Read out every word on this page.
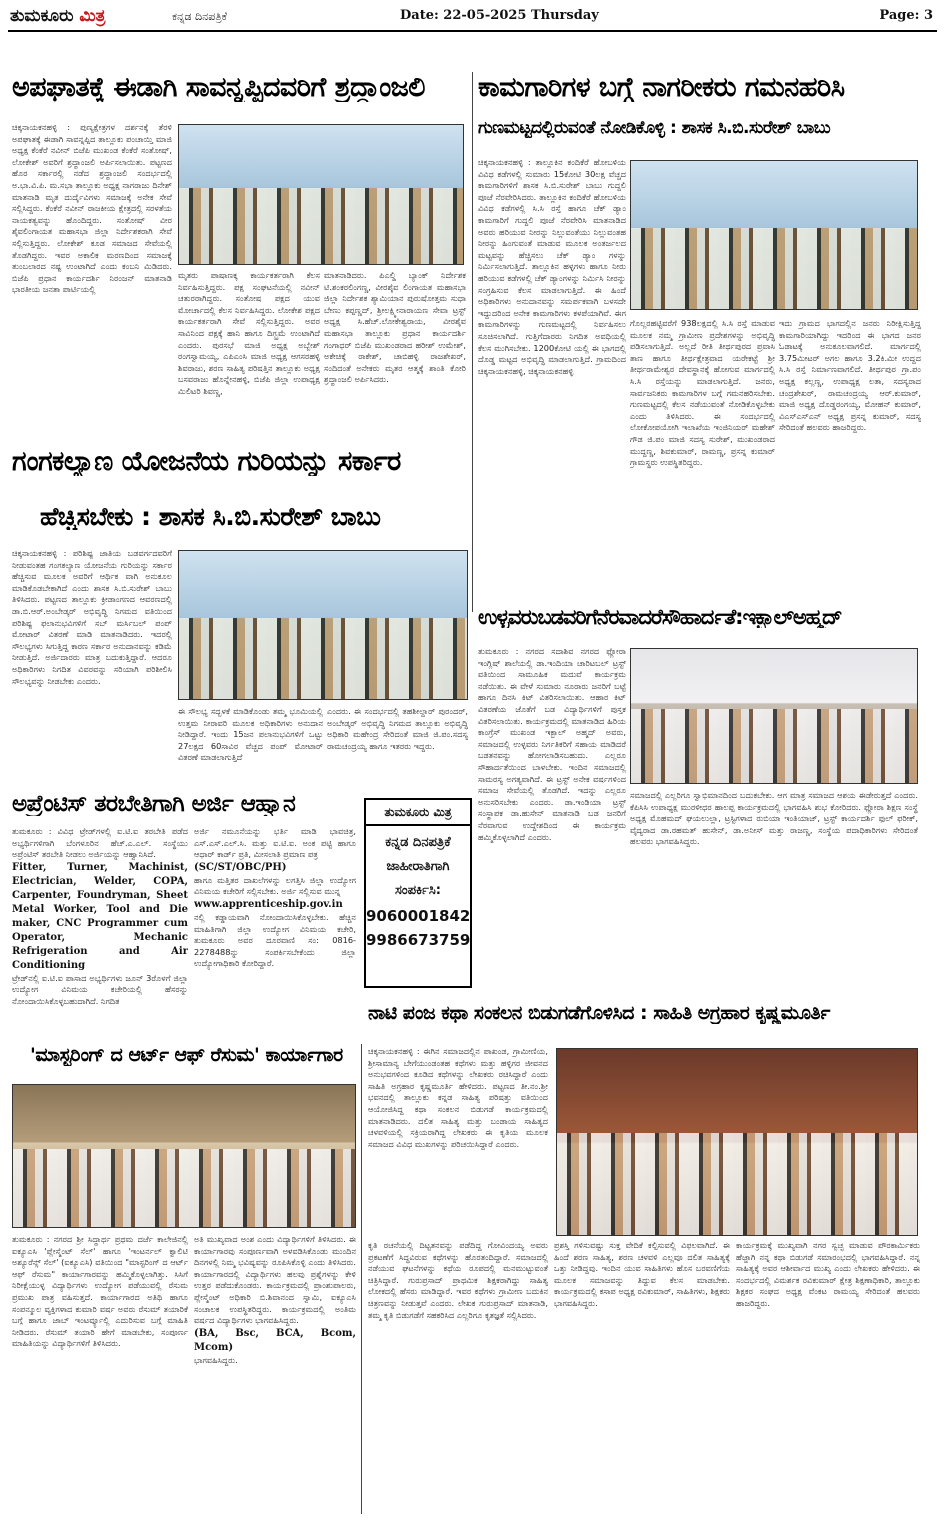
ತುಮಕೂರು ಮಿತ್ರ	ಕನ್ನಡ ದಿನಪತ್ರಿಕೆ	Date: 22-05-2025 Thursday	Page: 3
ಅಪಘಾತಕ್ಕೆ ಈಡಾಗಿ ಸಾವನ್ನಪ್ಪಿದವರಿಗೆ ಶ್ರದ್ಧಾಂಜಲಿ
ಚಿಕ್ಕನಾಯಕನಹಳ್ಳಿ : ಪುಣ್ಯಕ್ಷೇತ್ರಗಳ ದರ್ಶನಕ್ಕೆ ತೆರಳಿ ಅಪಘಾತಕ್ಕೆ ಈಡಾಗಿ ಸಾವನ್ನಪ್ಪಿದ ತಾಲ್ಲೂಕು ಪಂಚಾಯ್ತಿ ಮಾಜಿ ಅಧ್ಯಕ್ಷ ಕೆಂಕೆರೆ ನವೀನ್ ಬಿಜೆಪಿ ಮುಖಂಡ ಕೆಂಕೆರೆ ಸಂತೋಷ್, ಲೋಕೇಶ್ ಅವರಿಗೆ ಶ್ರದ್ಧಾಂಜಲಿ ಅರ್ಪಿಸಲಾಯಿತು. ಪಟ್ಟಣದ ಹೊರ ಸರ್ಕಾರಲ್ಲಿ ನಡೆದ ಶ್ರದ್ಧಾಂಜಲಿ ಸಂದರ್ಭದಲ್ಲಿ ಅ.ಭಾ.ವಿ.ಪಿ. ಮ.ಸಭಾ ತಾಲ್ಲೂಕು ಅಧ್ಯಕ್ಷ ನಾಗರಾಜು ದಿನೇಶ್ ಮಾತನಾಡಿ ಮೃತ ದುರ್ದೈವಿಗಳು ಸಮಾಜಕ್ಕೆ ಅನೇಕ ಸೇವೆ ಸಲ್ಲಿಸಿದ್ದರು. ಕೆಂಕೆರೆ ನವೀನ್ ರಾಜಕೀಯ ಕ್ಷೇತ್ರದಲ್ಲಿ ಸರಳತೆಯ ನಾಯಕತ್ವವನ್ನು ಹೊಂದಿದ್ದರು. ಸಂತೋಷ್ ವೀರ ಶೈವಲಿಂಗಾಯತ ಮಹಾಸಭಾ ಜಿಲ್ಲಾ ನಿರ್ದೇಶಕರಾಗಿ ಸೇವೆ ಸಲ್ಲಿಸುತ್ತಿದ್ದರು. ಲೋಕೇಶ್ ಕೂಡ ಸಮಾಜದ ಸೇವೆಯಲ್ಲಿ ತೊಡಗಿದ್ದರು. ಇವರ ಅಕಾಲಿಕ ಮರಣದಿಂದ ಸಮಾಜಕ್ಕೆ ತುಂಬಲಾರದ ನಷ್ಟ ಉಂಟಾಗಿದೆ ಎಂದು ಕಂಬನಿ ಮಿಡಿದರು. ಬಿಜೆಪಿ ಪ್ರಧಾನ ಕಾರ್ಯದರ್ಶಿ ನಿರಂಜನ್ ಮಾತನಾಡಿ ಭಾರತೀಯ ಜನತಾ ಪಾರ್ಟಿಯಲ್ಲಿ
ಮೃತರು ಪಾಷಾಣಕ್ಕ ಕಾರ್ಯಕರ್ತರಾಗಿ ಕೆಲಸ ನಿರ್ವಹಿಸುತ್ತಿದ್ದರು. ಪಕ್ಷ ಸಂಘಟನೆಯಲ್ಲಿ ನವೀನ್ ಚತುರರಾಗಿದ್ದರು. ಸಂತೋಷ ಪಕ್ಷದ ಯುವ ಮೋರ್ಚಾದಲ್ಲಿ ಕೆಲಸ ನಿರ್ವಹಿಸಿದ್ದರು. ಲೋಕೇಶ ಪಕ್ಷದ ಕಾರ್ಯಕರ್ತರಾಗಿ ಸೇವೆ ಸಲ್ಲಿಸುತ್ತಿದ್ದರು. ಅವರ ಸಾವಿನಿಂದ ಪಕ್ಷಕ್ಕೆ ಹಾನಿ ಹಾಗೂ ದಿಗ್ಭ್ರಮೆ ಉಂಟಾಗಿದೆ ಎಂದರು. ಪುರಸಭೆ ಮಾಜಿ ಅಧ್ಯಕ್ಷ ಅಬ್ಬೇಶ್ ರಂಗಸ್ವಾಮಯ್ಯ, ಎಪಿಎಂಸಿ ಮಾಜಿ ಅಧ್ಯಕ್ಷ ಆಗಸರಹಳ್ಳಿ ಶಿವರಾಜು, ಶರಣ ಸಾಹಿತ್ಯ ಪರಿಷತ್ತಿನ ತಾಲ್ಲೂಕು ಅಧ್ಯಕ್ಷ ಬಸವರಾಜು ಹೊನ್ನೇನಹಳ್ಳಿ, ಬಿಜೆಪಿ ಜಿಲ್ಲಾ ಉಪಾಧ್ಯಕ್ಷ ಮಿಲಿಟರಿ ಶಿವಣ್ಣ,
ಮಾತನಾಡಿದರು. ಪಿಎಲ್ಡಿ ಬ್ಯಾಂಕ್ ನಿರ್ದೇಶಕ ಟಿ.ಶಂಕರಲಿಂಗಣ್ಣ, ವೀರಶೈವ ಲಿಂಗಾಯತ ಮಹಾಸಭಾ ಜಿಲ್ಲಾ ನಿರ್ದೇಶಕ ಶ್ಯಾಮಿಯಾನ ಪುರುಷೋತ್ತಮ ಸುಧಾ ಬೇಣು ಕಪ್ಪಣ್ಣದ್, ಶ್ರೀಲಕ್ಷ್ಮೀನಾರಾಯಣ ಸೇವಾ ಟ್ರಸ್ಟ್ ಅಧ್ಯಕ್ಷ ಸಿ.ಹೆಚ್.ಲೋಕೇಶ್ವರಾಯ, ವೀರಶೈವ ಮಹಾಸಭಾ ತಾಲ್ಲೂಕು ಪ್ರಧಾನ ಕಾರ್ಯದರ್ಶಿ ಗಂಗಾಧರ್ ಬಿಜೆಪಿ ಮುಖಂಡರಾದ ಹರೀಶ್ ಉಮೇಶ್, ಅಕೇಚಿಕ್ಕೆ ರಾಕೇಶ್, ಚಾಬಿಹಳ್ಳಿ ರಾಜಶೇಖರ್, ಸಂದಿದಂತೆ ಅನೇಕರು ಮೃತರ ಆತ್ಮಕ್ಕೆ ಶಾಂತಿ ಕೋರಿ ಶ್ರದ್ಧಾಂಜಲಿ ಅರ್ಪಿಸಿದರು.
ಕಾಮಗಾರಿಗಳ ಬಗ್ಗೆ ನಾಗರೀಕರು ಗಮನಹರಿಸಿ
ಗುಣಮಟ್ಟದಲ್ಲಿರುವಂತೆ ನೋಡಿಕೊಳ್ಳಿ : ಶಾಸಕ ಸಿ.ಬಿ.ಸುರೇಶ್ ಬಾಬು
ಚಿಕ್ಕನಾಯಕನಹಳ್ಳಿ : ತಾಲ್ಲೂಕಿನ ಕಂದಿಕೆರೆ ಹೋಬಳಿಯ ವಿವಿಧ ಕಡೆಗಳಲ್ಲಿ ಸುಮಾರು 15ಕೋಟಿ 30ಲಕ್ಷ ವೆಚ್ಚದ ಕಾಮಗಾರಿಗಳಿಗೆ ಶಾಸಕ ಸಿ.ಬಿ.ಸುರೇಶ್ ಬಾಬು ಗುದ್ದಲಿ ಪೂಜೆ ನೆರವೇರಿಸಿದರು. ತಾಲ್ಲೂಕಿನ ಕಂದಿಕೆರೆ ಹೋಬಳಿಯ ವಿವಿಧ ಕಡೆಗಳಲ್ಲಿ ಸಿ.ಸಿ ರಸ್ತೆ ಹಾಗೂ ಚೆಕ್ ಡ್ಯಾಂ ಕಾಮಗಾರಿಗೆ ಗುದ್ದಲಿ ಪೂಜೆ ನೆರವೇರಿಸಿ ಮಾತನಾಡಿದ ಅವರು ಹರಿಯುವ ನೀರನ್ನು ನಿಲ್ಲುವಂತೆಯು ನಿಲ್ಲುವಂತಹ ನೀರನ್ನು ಹಿಂಗುವಂತೆ ಮಾಡುವ ಮೂಲಕ ಅಂತರ್ಜಲದ ಮಟ್ಟವನ್ನು ಹೆಚ್ಚಿಸಲು ಚೆಕ್ ಡ್ಯಾಂ ಗಳನ್ನು ನಿರ್ಮಿಸಲಾಗುತ್ತಿದೆ. ತಾಲ್ಲೂಕಿನ ಹಳ್ಳಗಳು ಹಾಗೂ ನೀರು ಹರಿಯುವ ಕಡೆಗಳಲ್ಲಿ ಚೆಕ್ ಡ್ಯಾಂಗಳನ್ನು ನಿರ್ಮಿಸಿ ನೀರನ್ನು ಸಂಗ್ರಹಿಸುವ ಕೆಲಸ ಮಾಡಲಾಗುತ್ತಿದೆ. ಈ ಹಿಂದೆ ಅಧಿಕಾರಿಗಳು ಅನುದಾನವನ್ನು ಸಮರ್ಪಕವಾಗಿ ಬಳಸದೇ ಇದ್ದುದರಿಂದ ಅನೇಕ ಕಾಮಗಾರಿಗಳು ಕಳಪೆಯಾಗಿವೆ. ಈಗ ಕಾಮಗಾರಿಗಳನ್ನು ಗುಣಮಟ್ಟದಲ್ಲಿ ನಿರ್ವಹಿಸಲು ಸೂಚಿಸಲಾಗಿದೆ. ಗುತ್ತಿಗೆದಾರರು ನಿಗದಿತ ಅವಧಿಯಲ್ಲಿ ಕೆಲಸ ಮುಗಿಸಬೇಕು. 1200ಕೋಟಿ ಯಲ್ಲಿ ಈ ಭಾಗದಲ್ಲಿ ದೊಡ್ಡ ಮಟ್ಟದ ಅಭಿವೃದ್ಧಿ ಮಾಡಲಾಗುತ್ತಿದೆ. ಗ್ರಾಮದಿಂದ ಚಿಕ್ಕನಾಯಕನಹಳ್ಳಿ, ಚಿಕ್ಕನಾಯಕನಹಳ್ಳಿ
ಗೊಲ್ಲರಹಟ್ಟಿವರೆಗೆ 938ಲಕ್ಷದಲ್ಲಿ ಸಿ.ಸಿ ರಸ್ತೆ ಮಾಡುವ ಮೂಲಕ ನಮ್ಮ ಗ್ರಾಮೀಣ ಪ್ರದೇಶಗಳನ್ನು ಅಭಿವೃದ್ಧಿ ಪಡಿಸಲಾಗುತ್ತಿದೆ. ಅಲ್ಲದೆ ರೀತಿ ತೀರ್ಥಪುರದ ಪ್ರವಾಸಿ ತಾಣ ಹಾಗೂ ತೀರ್ಥಕ್ಷೇತ್ರವಾದ ಯರೇಕಟ್ಟೆ ಶ್ರೀ ತೀರ್ಥರಾಮೇಶ್ವರ ದೇವಸ್ಥಾನಕ್ಕೆ ಹೋಗುವ ಮಾರ್ಗದಲ್ಲಿ ಸಿ.ಸಿ ರಸ್ತೆಯನ್ನು ಮಾಡಲಾಗುತ್ತಿದೆ. ಜನರು, ಸಾರ್ವಜನಿಕರು ಕಾಮಗಾರಿಗಳ ಬಗ್ಗೆ ಗಮನಹರಿಸಬೇಕು. ಗುಣಮಟ್ಟದಲ್ಲಿ ಕೆಲಸ ನಡೆಯುವಂತೆ ನೋಡಿಕೊಳ್ಳಬೇಕು ಎಂದು ತಿಳಿಸಿದರು. ಈ ಸಂದರ್ಭದಲ್ಲಿ ಲೋಕೋಪಯೋಗಿ ಇಲಾಖೆಯ ಇಂಜಿನಿಯರ್ ಮಹೇಶ್ ಗೌಡ ಜಿ.ಪಂ ಮಾಜಿ ಸದಸ್ಯ ಸುರೇಶ್, ಮುಖಂಡರಾದ ಮುದ್ದಣ್ಣ, ಶಿವಕುಮಾರ್, ರಾಮಣ್ಣ, ಪ್ರಸನ್ನ ಕುಮಾರ್ ಗ್ರಾಮಸ್ಥರು ಉಪಸ್ಥಿತರಿದ್ದರು.
ಇದು ಗ್ರಾಮದ ಭಾಗದಲ್ಲಿನ ಜನರು ನಿರೀಕ್ಷಿಸುತ್ತಿದ್ದ ಕಾಮಗಾರಿಯಾಗಿದ್ದು ಇದರಿಂದ ಈ ಭಾಗದ ಜನರ ಓಡಾಟಕ್ಕೆ ಅನುಕೂಲವಾಗಲಿದೆ. ಮಾರ್ಗದಲ್ಲಿ 3.75ಮೀಟರ್ ಅಗಲ ಹಾಗೂ 3.2ಕಿ.ಮೀ ಉದ್ದದ ಸಿ.ಸಿ ರಸ್ತೆ ನಿರ್ಮಾಣವಾಗಲಿದೆ. ತೀರ್ಥಪುರ ಗ್ರಾ.ಪಂ ಅಧ್ಯಕ್ಷ ಕಲ್ಲಣ್ಣ, ಉಪಾಧ್ಯಕ್ಷ ಲತಾ, ಸದಸ್ಯರಾದ ಚಂದ್ರಶೇಖರ್, ರಾಮಚಂದ್ರಯ್ಯ ಆರ್.ಕುಮಾರ್, ಮಾಜಿ ಅಧ್ಯಕ್ಷ ದೊಡ್ಡರಂಗಯ್ಯ, ಮೋಹನ್ ಕುಮಾರ್, ವಿಎಸ್ಎಸ್ಎನ್ ಅಧ್ಯಕ್ಷ ಪ್ರಸನ್ನ ಕುಮಾರ್, ಸದಸ್ಯ ಸೇರಿದಂತೆ ಹಲವರು ಹಾಜರಿದ್ದರು.
ಗಂಗಕಲ್ಯಾಣ ಯೋಜನೆಯ ಗುರಿಯನ್ನು ಸರ್ಕಾರ
ಹೆಚ್ಚಿಸಬೇಕು : ಶಾಸಕ ಸಿ.ಬಿ.ಸುರೇಶ್ ಬಾಬು
ಚಿಕ್ಕನಾಯಕನಹಳ್ಳಿ : ಪರಿಶಿಷ್ಟ ಜಾತಿಯ ಬಡವರ್ಗದವರಿಗೆ ನೀಡುವಂತಹ ಗಂಗಕಲ್ಯಾಣ ಯೋಜನೆಯ ಗುರಿಯನ್ನು ಸರ್ಕಾರ ಹೆಚ್ಚಿಸುವ ಮೂಲಕ ಅವರಿಗೆ ಆರ್ಥಿಕ ವಾಗಿ ಅನುಕೂಲ ಮಾಡಿಕೊಡಬೇಕಾಗಿದೆ ಎಂದು ಶಾಸಕ ಸಿ.ಬಿ.ಸುರೇಶ್ ಬಾಬು ತಿಳಿಸಿದರು. ಪಟ್ಟಣದ ತಾಲ್ಲೂಕು ಕ್ರೀಡಾಂಗಣದ ಆವರಣದಲ್ಲಿ ಡಾ.ಬಿ.ಆರ್.ಅಂಬೇಡ್ಕರ್ ಅಭಿವೃದ್ಧಿ ನಿಗಮದ ವತಿಯಿಂದ ಪರಿಶಿಷ್ಟ ಫಲಾನುಭವಿಗಳಿಗೆ ಸಬ್ ಮರ್ಸಿಬಲ್ ಪಂಪ್ ಮೋಟಾರ್ ವಿತರಣೆ ಮಾಡಿ ಮಾತನಾಡಿದರು. ಇದರಲ್ಲಿ ಸೌಲಭ್ಯಗಳು ಸಿಗುತ್ತಿದ್ದ ಕಾರಣ ಸರ್ಕಾರ ಅನುದಾನವನ್ನು ಕಡಿಮೆ ನೀಡುತ್ತಿದೆ. ಅರ್ಜಿದಾರರು ಮಾತ್ರ ಬದುಕುತ್ತಿದ್ದಾರೆ. ಆದರೂ ಅಧಿಕಾರಿಗಳು ನಿಗದಿತ ವಿವರವನ್ನು ಸರಿಯಾಗಿ ಪರಿಶೀಲಿಸಿ ಸೌಲಭ್ಯವನ್ನು ನೀಡಬೇಕು ಎಂದರು.
ಈ ಸೌಲಭ್ಯ ಸದ್ಬಳಕೆ ಮಾಡಿಕೊಂಡು ತಮ್ಮ ಭೂಮಿಯಲ್ಲಿ ಉತ್ತಮ ನೀರಾವರಿ ಮೂಲಕ ಅಧಿಕಾರಿಗಳು ಅನುದಾನ ನೀಡಿದ್ದಾರೆ. ಇಂದು 15ಜನ ಪಲಾನುಭವಿಗಳಿಗೆ ಒಟ್ಟು 27ಲಕ್ಷದ 60ಸಾವಿರ ವೆಚ್ಚದ ಪಂಪ್ ಮೋಟಾರ್ ವಿತರಣೆ ಮಾಡಲಾಗುತ್ತಿದೆ
ಎಂದರು. ಈ ಸಂದರ್ಭದಲ್ಲಿ ತಹಶೀಲ್ದಾರ್ ಪುರಂದರ್, ಅಂಬೇಡ್ಕರ್ ಅಭಿವೃದ್ಧಿ ನಿಗಮದ ತಾಲ್ಲೂಕು ಅಭಿವೃದ್ಧಿ ಅಧಿಕಾರಿ ಮಹೇಂದ್ರ ಸೇರಿದಂತೆ ಮಾಜಿ ಜಿ.ಪಂ.ಸದಸ್ಯ ರಾಮಚಂದ್ರಯ್ಯ ಹಾಗೂ ಇತರರು ಇದ್ದರು.
ಉಳ್ಳವರುಬಡವರಿಗೆನೆರವಾದರೆಸೌಹಾರ್ದತೆ:ಇಕ್ಬಾಲ್ಅಹ್ಮದ್
ತುಮಕೂರು : ನಗರದ ಸದಾಶಿವ ನಗರದ ಫ್ಲೋರಾ ಇಂಗ್ಲಿಷ್ ಶಾಲೆಯಲ್ಲಿ ಡಾ.ಇಂದಿಯಾ ಚಾರಿಟಬಲ್ ಟ್ರಸ್ಟ್ ವತಿಯಿಂದ ಸಾಮೂಹಿಕ ಮದುವೆ ಕಾರ್ಯಕ್ರಮ ನಡೆಯಿತು. ಈ ವೇಳೆ ಸುಮಾರು ನೂರಾರು ಜನರಿಗೆ ಬಟ್ಟೆ ಹಾಗೂ ದಿನಸಿ ಕಿಟ್ ವಿತರಿಸಲಾಯಿತು. ಆಹಾರ ಕಿಟ್ ವಿತರಣೆಯ ಜೊತೆಗೆ ಬಡ ವಿದ್ಯಾರ್ಥಿಗಳಿಗೆ ಪುಸ್ತಕ ವಿತರಿಸಲಾಯಿತು. ಕಾರ್ಯಕ್ರಮದಲ್ಲಿ ಮಾತನಾಡಿದ ಹಿರಿಯ ಕಾಂಗ್ರೆಸ್ ಮುಖಂಡ ಇಕ್ಬಾಲ್ ಅಹ್ಮದ್ ಅವರು, ಸಮಾಜದಲ್ಲಿ ಉಳ್ಳವರು ನಿರ್ಗತಿಕರಿಗೆ ಸಹಾಯ ಮಾಡಿದರೆ ಬಡತನವನ್ನು ಹೋಗಲಾಡಿಸಬಹುದು. ಎಲ್ಲರೂ ಸೌಹಾರ್ದತೆಯಿಂದ ಬಾಳಬೇಕು. ಇಂದಿನ ಸಮಾಜದಲ್ಲಿ ಸಾಮರಸ್ಯ ಅಗತ್ಯವಾಗಿದೆ. ಈ ಟ್ರಸ್ಟ್ ಅನೇಕ ವರ್ಷಗಳಿಂದ ಸಮಾಜ ಸೇವೆಯಲ್ಲಿ ತೊಡಗಿದೆ. ಇದನ್ನು ಎಲ್ಲರೂ ಅನುಸರಿಸಬೇಕು ಎಂದರು. ಡಾ.ಇಂಡಿಯಾ ಟ್ರಸ್ಟ್ ಸಂಸ್ಥಾಪಕ ಡಾ.ಹುಸೇನ್ ಮಾತನಾಡಿ ಬಡ ಜನರಿಗೆ ನೆರವಾಗುವ ಉದ್ದೇಶದಿಂದ ಈ ಕಾರ್ಯಕ್ರಮ ಹಮ್ಮಿಕೊಳ್ಳಲಾಗಿದೆ ಎಂದರು.
ಸಮಾಜದಲ್ಲಿ ಎಲ್ಲರಿಗೂ ಸ್ವಾಭಿಮಾನದಿಂದ ಬದುಕಬೇಕು. ಆಗ ಮಾತ್ರ ಸಮಾಜದ ಆಶಯ ಈಡೇರುತ್ತದೆ ಎಂದರು. ಕೆಪಿಸಿಸಿ ಉಪಾಧ್ಯಕ್ಷ ಮುರಳೀಧರ ಹಾಲಪ್ಪ ಕಾರ್ಯಕ್ರಮದಲ್ಲಿ ಭಾಗವಹಿಸಿ ಶುಭ ಕೋರಿದರು. ಫ್ಲೋರಾ ಶಿಕ್ಷಣ ಸಂಸ್ಥೆ ಅಧ್ಯಕ್ಷ ಮೊಹಮದ್ ಘಯಲುಲ್ಲಾ, ಟ್ರಸ್ಟಿಗಳಾದ ರುಬಿಯಾ ಇಂತಿಯಾಜ್, ಟ್ರಸ್ಟ್ ಕಾರ್ಯದರ್ಶಿ ಫುಲ್ ಫರೀಕ್, ವೈದ್ಯರಾದ ಡಾ.ರಹಮತ್ ಹುಸೇನ್, ಡಾ.ಅನೀಸ್ ಮತ್ತು ರಾಜಣ್ಣ, ಸಂಸ್ಥೆಯ ಪದಾಧಿಕಾರಿಗಳು ಸೇರಿದಂತೆ ಹಲವರು ಭಾಗವಹಿಸಿದ್ದರು.
ಅಪ್ರೆಂಟಿಸ್ ತರಬೇತಿಗಾಗಿ ಅರ್ಜಿ ಆಹ್ವಾನ
ತುಮಕೂರು : ವಿವಿಧ ಟ್ರೇಡ್‌ಗಳಲ್ಲಿ ಐ.ಟಿ.ಐ ತರಬೇತಿ ಪಡೆದ ಅಭ್ಯರ್ಥಿಗಳಿಗಾಗಿ ಬೆಂಗಳೂರಿನ ಹೆಚ್.ಎ.ಎಲ್. ಸಂಸ್ಥೆಯು ಅಪ್ರೆಂಟಿಸ್ ತರಬೇತಿ ನೀಡಲು ಅರ್ಜಿಯನ್ನು ಆಹ್ವಾನಿಸಿದೆ.
Fitter, Turner, Machinist, Electrician, Welder, COPA, Carpenter, Foundryman, Sheet Metal Worker, Tool and Die maker, CNC Programmer cum Operator, Mechanic Refrigeration and Air Conditioning
ಟ್ರೇಡ್‌ನಲ್ಲಿ ಐ.ಟಿ.ಐ ಪಾಸಾದ ಅಭ್ಯರ್ಥಿಗಳು ಜೂನ್ 3ರೊಳಗೆ ಜಿಲ್ಲಾ ಉದ್ಯೋಗ ವಿನಿಮಯ ಕಚೇರಿಯಲ್ಲಿ ಹೆಸರನ್ನು ನೋಂದಾಯಿಸಿಕೊಳ್ಳಬಹುದಾಗಿದೆ. ನಿಗದಿತ
ಅರ್ಜಿ ನಮೂನೆಯನ್ನು ಭರ್ತಿ ಮಾಡಿ ಭಾವಚಿತ್ರ, ಎಸ್.ಎಸ್.ಎಲ್.ಸಿ. ಮತ್ತು ಐ.ಟಿ.ಐ. ಅಂಕ ಪಟ್ಟಿ ಹಾಗೂ ಆಧಾರ್ ಕಾರ್ಡ್ ಪ್ರತಿ, ಮೀಸಲಾತಿ ಪ್ರಮಾಣ ಪತ್ರ
(SC/ST/OBC/PH)
ಹಾಗೂ ಮತ್ತಿತರ ದಾಖಲೆಗಳನ್ನು ಲಗತ್ತಿಸಿ ಜಿಲ್ಲಾ ಉದ್ಯೋಗ ವಿನಿಮಯ ಕಚೇರಿಗೆ ಸಲ್ಲಿಸಬೇಕು. ಅರ್ಜಿ ಸಲ್ಲಿಸುವ ಮುನ್ನ
www.apprenticeship.gov.in
ನಲ್ಲಿ ಕಡ್ಡಾಯವಾಗಿ ನೋಂದಾಯಿಸಿಕೊಳ್ಳಬೇಕು. ಹೆಚ್ಚಿನ ಮಾಹಿತಿಗಾಗಿ ಜಿಲ್ಲಾ ಉದ್ಯೋಗ ವಿನಿಮಯ ಕಚೇರಿ, ತುಮಕೂರು ಅವರ ದೂರವಾಣಿ ಸಂ: 0816-2278488ನ್ನು ಸಂಪರ್ಕಿಸಬೇಕೆಂದು ಜಿಲ್ಲಾ ಉದ್ಯೋಗಾಧಿಕಾರಿ ಕೋರಿದ್ದಾರೆ.
ತುಮಕೂರು ಮಿತ್ರ
ಕನ್ನಡ ದಿನಪತ್ರಿಕೆ
ಜಾಹೀರಾತಿಗಾಗಿ
ಸಂಪರ್ಕಿಸಿ:
9060001842
9986673759
'ಮಾಸ್ಟರಿಂಗ್ ದ ಆರ್ಟ್ ಆಫ್ ರೆಸುಮ' ಕಾರ್ಯಾಗಾರ
ತುಮಕೂರು : ನಗರದ ಶ್ರೀ ಸಿದ್ಧಾರ್ಥ ಪ್ರಥಮ ದರ್ಜೆ ಕಾಲೇಜಿನಲ್ಲಿ ಐಕ್ಯೂಎಸಿ 'ಪ್ಲೇಸ್ಮೆಂಟ್ ಸೆಲ್' ಹಾಗೂ 'ಇಂಟರ್ನಲ್ ಕ್ವಾಲಿಟಿ ಅಶ್ಯೂರೆನ್ಸ್ ಸೆಲ್' (ಐಕ್ಯೂಎಸಿ) ವತಿಯಿಂದ "ಮಾಸ್ಟರಿಂಗ್ ದ ಆರ್ಟ್ ಆಫ್ ರೆಸುಮ" ಕಾರ್ಯಾಗಾರವನ್ನು ಹಮ್ಮಿಕೊಳ್ಳಲಾಗಿತ್ತು. ಸಿಸಿಗೆ ನಿರೀಕ್ಷೆಯುಳ್ಳ ವಿದ್ಯಾರ್ಥಿಗಳು ಉದ್ಯೋಗ ಪಡೆಯುವಲ್ಲಿ ರೆಸುಮ ಪ್ರಮುಖ ಪಾತ್ರ ವಹಿಸುತ್ತದೆ. ಕಾರ್ಯಾಗಾರದ ಅತಿಥಿ ಹಾಗೂ ಸಂಪನ್ಮೂಲ ವ್ಯಕ್ತಿಗಳಾದ ಕುಮಾರಿ ವರ್ಷ ಅವರು ರೆಸುಮ್ ತಯಾರಿಕೆ ಬಗ್ಗೆ ಹಾಗೂ ಜಾಬ್ ಇಂಟರ್ವ್ಯೂಲ್ಲಿ ಎದುರಿಸುವ ಬಗ್ಗೆ ಮಾಹಿತಿ ನೀಡಿದರು. ರೆಸುಮ್ ತಯಾರಿ ಹೇಗೆ ಮಾಡಬೇಕು, ಸಂಪೂರ್ಣ ಮಾಹಿತಿಯನ್ನು ವಿದ್ಯಾರ್ಥಿಗಳಿಗೆ ತಿಳಿಸಿದರು.
ಅತಿ ಮುಖ್ಯವಾದ ಅಂಶ ಎಂದು ವಿದ್ಯಾರ್ಥಿಗಳಿಗೆ ತಿಳಿಸಿದರು. ಈ ಕಾರ್ಯಾಗಾರವು ಸಂಪೂರ್ಣವಾಗಿ ಅಳವಡಿಸಿಕೊಂಡು ಮುಂದಿನ ದಿನಗಳಲ್ಲಿ ನಿಮ್ಮ ಭವಿಷ್ಯವನ್ನು ರೂಪಿಸಿಕೊಳ್ಳಿ ಎಂದು ತಿಳಿಸಿದರು. ಕಾರ್ಯಾಗಾರದಲ್ಲಿ ವಿದ್ಯಾರ್ಥಿಗಳು ಹಲವು ಪ್ರಶ್ನೆಗಳನ್ನು ಕೇಳಿ ಉತ್ತರ ಪಡೆದುಕೊಂಡರು. ಕಾರ್ಯಕ್ರಮದಲ್ಲಿ ಪ್ರಾಂಶುಪಾಲರು, ಪ್ಲೇಸ್ಮೆಂಟ್ ಅಧಿಕಾರಿ ಬಿ.ಶಿವಾನಂದ ಸ್ವಾಮಿ, ಐಕ್ಯೂಎಸಿ ಸಂಚಾಲಕ ಉಪಸ್ಥಿತರಿದ್ದರು. ಕಾರ್ಯಕ್ರಮದಲ್ಲಿ ಅಂತಿಮ ವರ್ಷದ ವಿದ್ಯಾರ್ಥಿಗಳು ಭಾಗವಹಿಸಿದ್ದರು.
(BA, Bsc, BCA, Bcom, Mcom)
ಭಾಗವಹಿಸಿದ್ದರು.
ನಾಟಿ ಪಂಜ ಕಥಾ ಸಂಕಲನ ಬಿಡುಗಡೆಗೊಳಿಸಿದ : ಸಾಹಿತಿ ಅಗ್ರಹಾರ ಕೃಷ್ಣಮೂರ್ತಿ
ಚಿಕ್ಕನಾಯಕನಹಳ್ಳಿ : ಈಗಿನ ಸಮಾಜದಲ್ಲಿನ ಪಾಖಂಡ, ಗ್ರಾಮೀಣಿಯ, ಶ್ರೀಸಾಮಾನ್ಯ ಬೇಗೆಯುಂಡಂತಹ ಕಥೆಗಳು ಮತ್ತು ಹಳ್ಳಿಗರ ಜೀವನದ ಅನುಭವಗಳಿಂದ ಕೂಡಿದ ಕಥೆಗಳನ್ನು ಲೇಖಕರು ರಚಿಸಿದ್ದಾರೆ ಎಂದು ಸಾಹಿತಿ ಅಗ್ರಹಾರ ಕೃಷ್ಣಮೂರ್ತಿ ಹೇಳಿದರು. ಪಟ್ಟಣದ ತೀ.ನಂ.ಶ್ರೀ ಭವನದಲ್ಲಿ ತಾಲ್ಲೂಕು ಕನ್ನಡ ಸಾಹಿತ್ಯ ಪರಿಷತ್ತು ವತಿಯಿಂದ ಆಯೋಜಿಸಿದ್ದ ಕಥಾ ಸಂಕಲನ ಬಿಡುಗಡೆ ಕಾರ್ಯಕ್ರಮದಲ್ಲಿ ಮಾತನಾಡಿದರು. ದಲಿತ ಸಾಹಿತ್ಯ ಮತ್ತು ಬಂಡಾಯ ಸಾಹಿತ್ಯದ ಚಳವಳಿಯಲ್ಲಿ ಸಕ್ರಿಯರಾಗಿದ್ದ ಲೇಖಕರು ಈ ಕೃತಿಯ ಮೂಲಕ ಸಮಾಜದ ವಿವಿಧ ಮುಖಗಳನ್ನು ಪರಿಚಯಿಸಿದ್ದಾರೆ ಎಂದರು.
ಕೃತಿ ರಚನೆಯಲ್ಲಿ ದಿಟ್ಟತನವನ್ನು ಪಡೆದಿದ್ದ ಗೋವಿಂದಯ್ಯ ಅವರು ಪ್ರಕಟಣೆಗೆ ಸಿದ್ಧವಿರುವ ಕಥೆಗಳನ್ನು ಹೊರತಂದಿದ್ದಾರೆ. ಸಮಾಜದಲ್ಲಿ ನಡೆಯುವ ಘಟನೆಗಳನ್ನು ಕಥೆಯ ರೂಪದಲ್ಲಿ ಮನಮುಟ್ಟುವಂತೆ ಚಿತ್ರಿಸಿದ್ದಾರೆ. ಗುರುಪ್ರಸಾದ್ ಪ್ರಾಥಮಿಕ ಶಿಕ್ಷಕರಾಗಿದ್ದು ಸಾಹಿತ್ಯ ಲೋಕದಲ್ಲಿ ಹೆಸರು ಮಾಡಿದ್ದಾರೆ. ಇವರ ಕಥೆಗಳು ಗ್ರಾಮೀಣ ಬದುಕಿನ ಚಿತ್ರಣವನ್ನು ನೀಡುತ್ತವೆ ಎಂದರು. ಲೇಖಕ ಗುರುಪ್ರಸಾದ್ ಮಾತನಾಡಿ, ತಮ್ಮ ಕೃತಿ ಬಿಡುಗಡೆಗೆ ಸಹಕರಿಸಿದ ಎಲ್ಲರಿಗೂ ಕೃತಜ್ಞತೆ ಸಲ್ಲಿಸಿದರು.
ಪ್ರಶಸ್ತಿ ಗಳಿಸುವಷ್ಟು ಸುಕ್ತ ವೇದಿಕೆ ಕಲ್ಪಿಸುವಲ್ಲಿ ವಿಫಲವಾಗಿದೆ. ಈ ಹಿಂದೆ ಶರಣ ಸಾಹಿತ್ಯ, ಶರಣ ಚಳವಳಿ ಎಲ್ಲವೂ ದಲಿತ ಸಾಹಿತ್ಯಕ್ಕೆ ಒತ್ತು ನೀಡಿದ್ದವು. ಇಂದಿನ ಯುವ ಸಾಹಿತಿಗಳು ಹೊಸ ಬರವಣಿಗೆಯ ಮೂಲಕ ಸಮಾಜವನ್ನು ತಿದ್ದುವ ಕೆಲಸ ಮಾಡಬೇಕು. ಕಾರ್ಯಕ್ರಮದಲ್ಲಿ ಕಸಾಪ ಅಧ್ಯಕ್ಷ ರವಿಕುಮಾರ್, ಸಾಹಿತಿಗಳು, ಶಿಕ್ಷಕರು ಭಾಗವಹಿಸಿದ್ದರು.
ಕಾರ್ಯಕ್ರಮಕ್ಕೆ ಮುಖ್ಯವಾಗಿ ನಗರ ಸ್ವಚ್ಛ ಮಾಡುವ ಪೌರಕಾರ್ಮಿಕರು ಹೆಜ್ಜಾಗಿ ನನ್ನ ಕಥಾ ಬಿಡುಗಡೆ ಸಮಾರಂಭದಲ್ಲಿ ಭಾಗವಹಿಸಿದ್ದಾರೆ. ನನ್ನ ಸಾಹಿತ್ಯಕ್ಕೆ ಅವರ ಆಶೀರ್ವಾದ ಮುಖ್ಯ ಎಂದು ಲೇಖಕರು ಹೇಳಿದರು. ಈ ಸಂದರ್ಭದಲ್ಲಿ ವಿಮರ್ಶಕ ರವಿಕುಮಾರ್ ಕ್ಷೇತ್ರ ಶಿಕ್ಷಣಾಧಿಕಾರಿ, ತಾಲ್ಲೂಕು ಶಿಕ್ಷಕರ ಸಂಘದ ಅಧ್ಯಕ್ಷ ವೆಂಕಟ ರಾಮಯ್ಯ ಸೇರಿದಂತೆ ಹಲವರು ಹಾಜರಿದ್ದರು.
